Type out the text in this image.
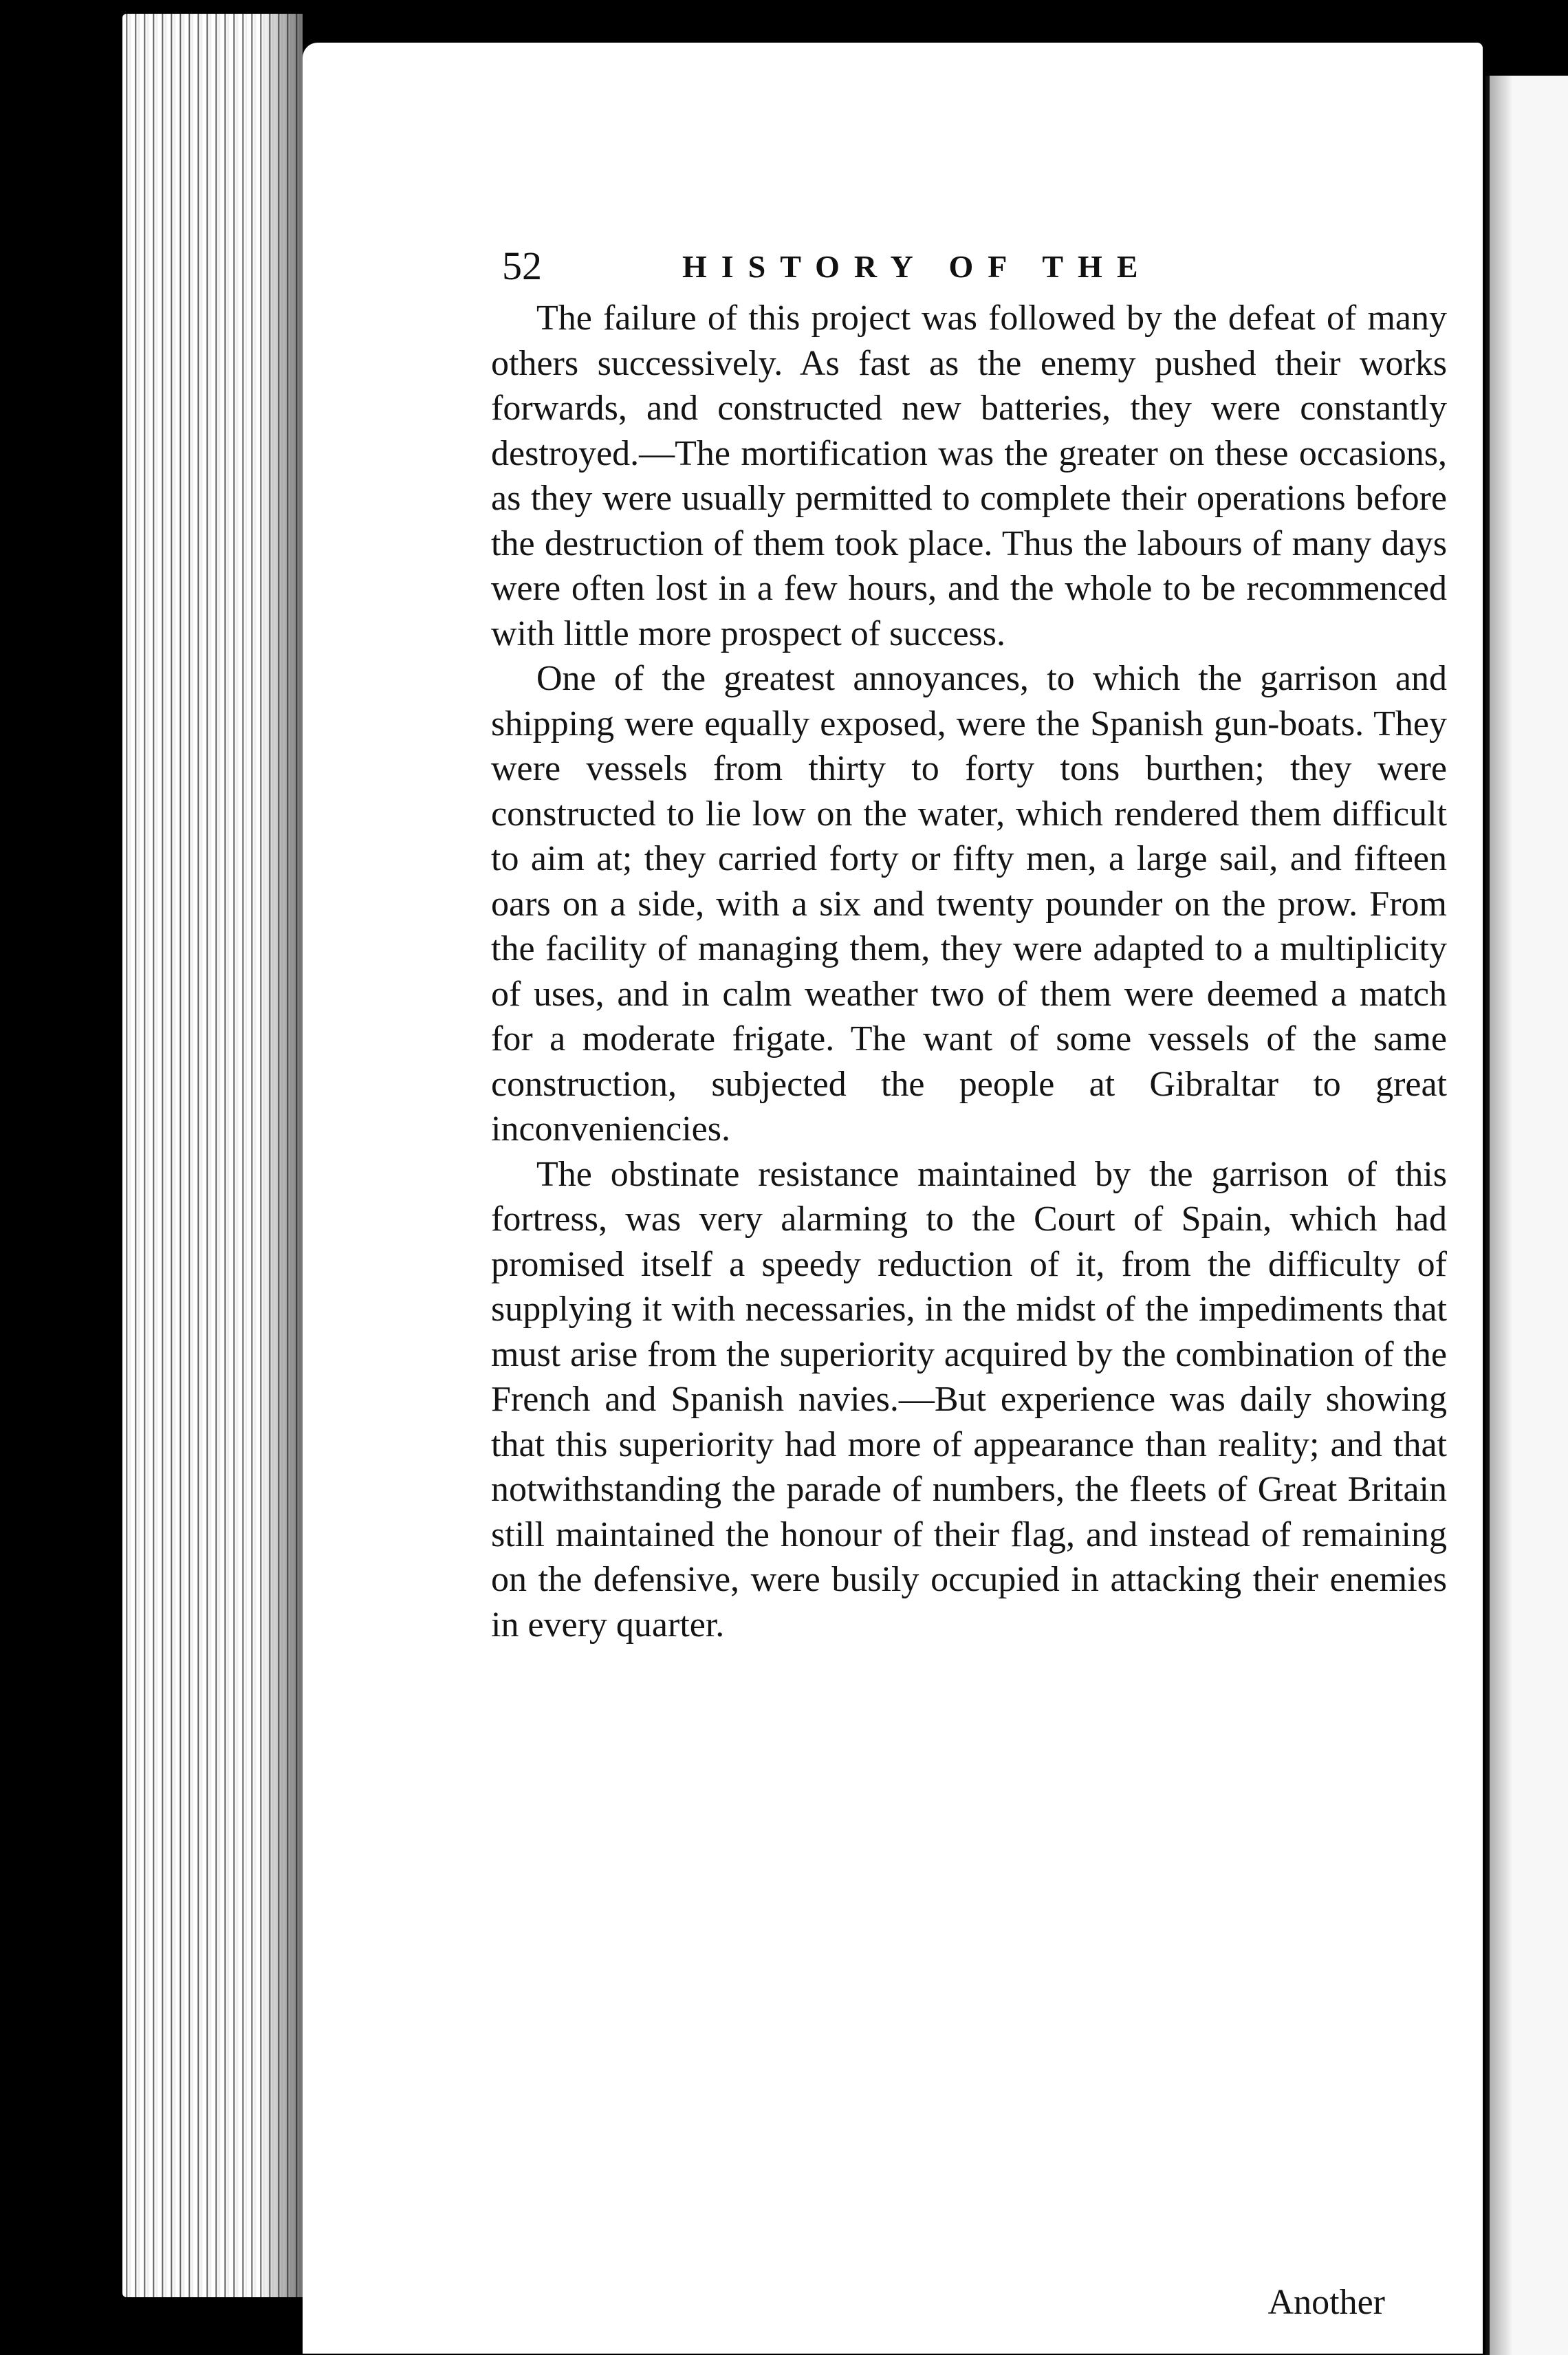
52	HISTORY OF THE

The failure of this project was followed by the defeat of many others successively. As fast as the enemy pushed their works forwards, and constructed new batteries, they were constantly destroyed.—The mortification was the greater on these occasions, as they were usually permitted to complete their operations before the destruction of them took place. Thus the labours of many days were often lost in a few hours, and the whole to be recommenced with little more prospect of success.

One of the greatest annoyances, to which the garrison and shipping were equally exposed, were the Spanish gun-boats. They were vessels from thirty to forty tons burthen; they were constructed to lie low on the water, which rendered them difficult to aim at; they carried forty or fifty men, a large sail, and fifteen oars on a side, with a six and twenty pounder on the prow. From the facility of managing them, they were adapted to a multiplicity of uses, and in calm weather two of them were deemed a match for a moderate frigate. The want of some vessels of the same construction, subjected the people at Gibraltar to great inconveniencies.

The obstinate resistance maintained by the garrison of this fortress, was very alarming to the Court of Spain, which had promised itself a speedy reduction of it, from the difficulty of supplying it with necessaries, in the midst of the impediments that must arise from the superiority acquired by the combination of the French and Spanish navies.—But experience was daily showing that this superiority had more of appearance than reality; and that notwithstanding the parade of numbers, the fleets of Great Britain still maintained the honour of their flag, and instead of remaining on the defensive, were busily occupied in attacking their enemies in every quarter.

Another
